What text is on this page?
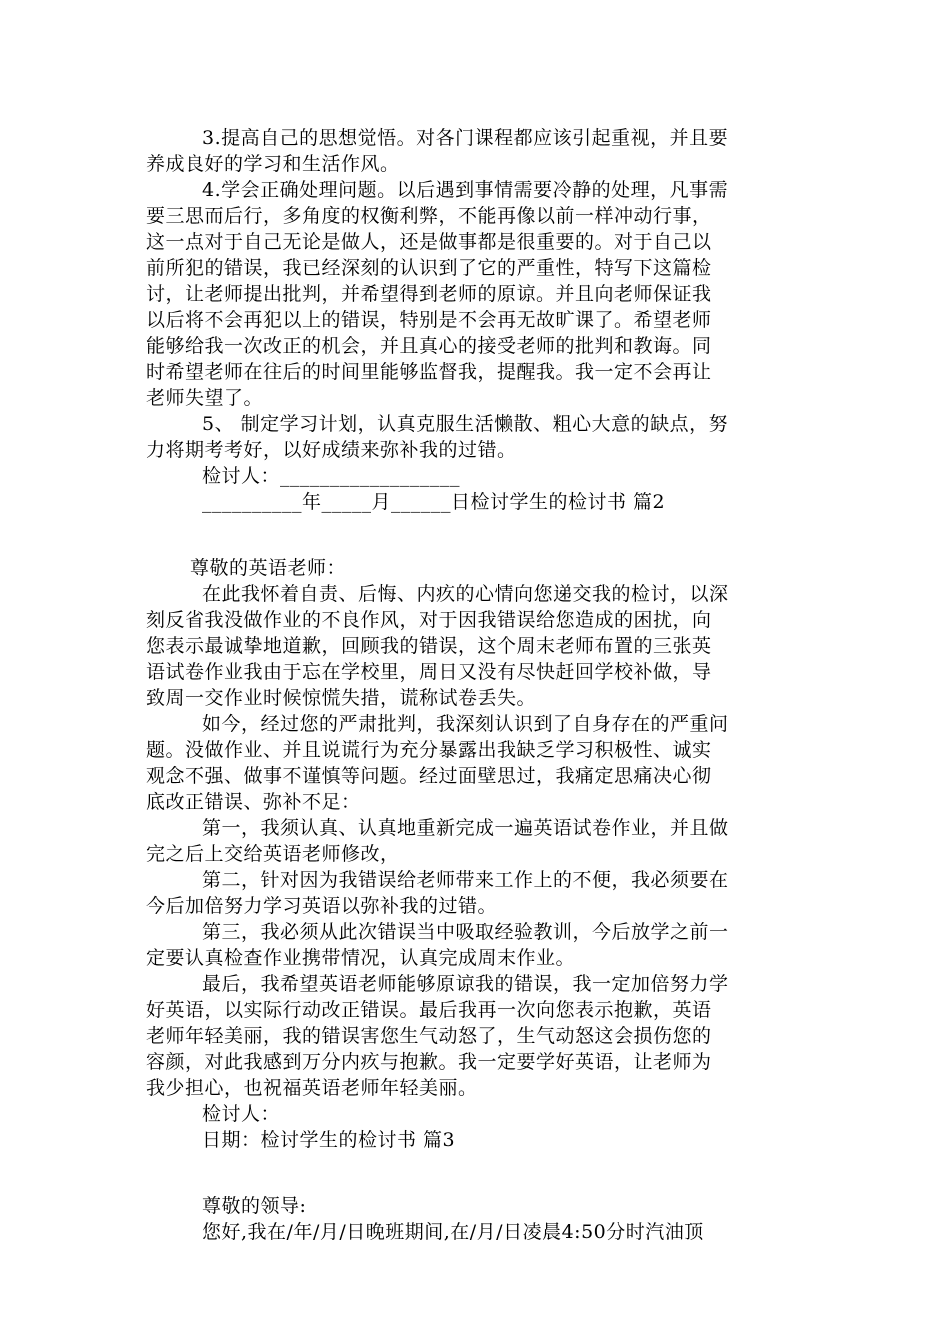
3.提高自己的思想觉悟。对各门课程都应该引起重视，并且要
养成良好的学习和生活作风。
4.学会正确处理问题。以后遇到事情需要冷静的处理，凡事需
要三思而后行，多角度的权衡利弊，不能再像以前一样冲动行事，
这一点对于自己无论是做人，还是做事都是很重要的。对于自己以
前所犯的错误，我已经深刻的认识到了它的严重性，特写下这篇检
讨，让老师提出批判，并希望得到老师的原谅。并且向老师保证我
以后将不会再犯以上的错误，特别是不会再无故旷课了。希望老师
能够给我一次改正的机会，并且真心的接受老师的批判和教诲。同
时希望老师在往后的时间里能够监督我，提醒我。我一定不会再让
老师失望了。
5、 制定学习计划，认真克服生活懒散、粗心大意的缺点，努
力将期考考好，以好成绩来弥补我的过错。
检讨人：__________________
__________年_____月______日检讨学生的检讨书 篇2
尊敬的英语老师：
在此我怀着自责、后悔、内疚的心情向您递交我的检讨，以深
刻反省我没做作业的不良作风，对于因我错误给您造成的困扰，向
您表示最诚挚地道歉，回顾我的错误，这个周末老师布置的三张英
语试卷作业我由于忘在学校里，周日又没有尽快赶回学校补做，导
致周一交作业时候惊慌失措，谎称试卷丢失。
如今，经过您的严肃批判，我深刻认识到了自身存在的严重问
题。没做作业、并且说谎行为充分暴露出我缺乏学习积极性、诚实
观念不强、做事不谨慎等问题。经过面壁思过，我痛定思痛决心彻
底改正错误、弥补不足：
第一，我须认真、认真地重新完成一遍英语试卷作业，并且做
完之后上交给英语老师修改，
第二，针对因为我错误给老师带来工作上的不便，我必须要在
今后加倍努力学习英语以弥补我的过错。
第三，我必须从此次错误当中吸取经验教训，今后放学之前一
定要认真检查作业携带情况，认真完成周末作业。
最后，我希望英语老师能够原谅我的错误，我一定加倍努力学
好英语，以实际行动改正错误。最后我再一次向您表示抱歉，英语
老师年轻美丽，我的错误害您生气动怒了，生气动怒这会损伤您的
容颜，对此我感到万分内疚与抱歉。我一定要学好英语，让老师为
我少担心，也祝福英语老师年轻美丽。
检讨人：
日期：检讨学生的检讨书 篇3
尊敬的领导:
您好,我在/年/月/日晚班期间,在/月/日凌晨4:50分时汽油顶
